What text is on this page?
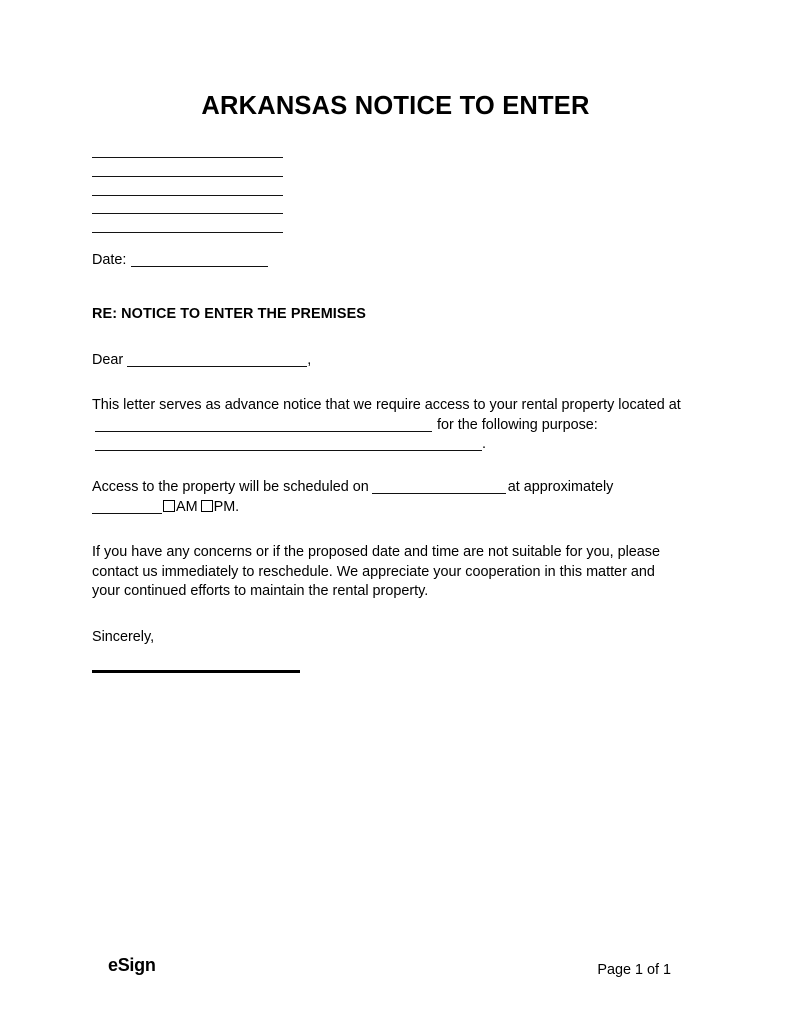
ARKANSAS NOTICE TO ENTER
Date:
RE: NOTICE TO ENTER THE PREMISES
Dear	,
This letter serves as advance notice that we require access to your rental property located atfor the following purpose:.
Access to the property will be scheduled on	at approximately AM PM.
If you have any concerns or if the proposed date and time are not suitable for you, please contact us immediately to reschedule. We appreciate your cooperation in this matter and your continued efforts to maintain the rental property.
Sincerely,
eSign	Page 1 of 1
